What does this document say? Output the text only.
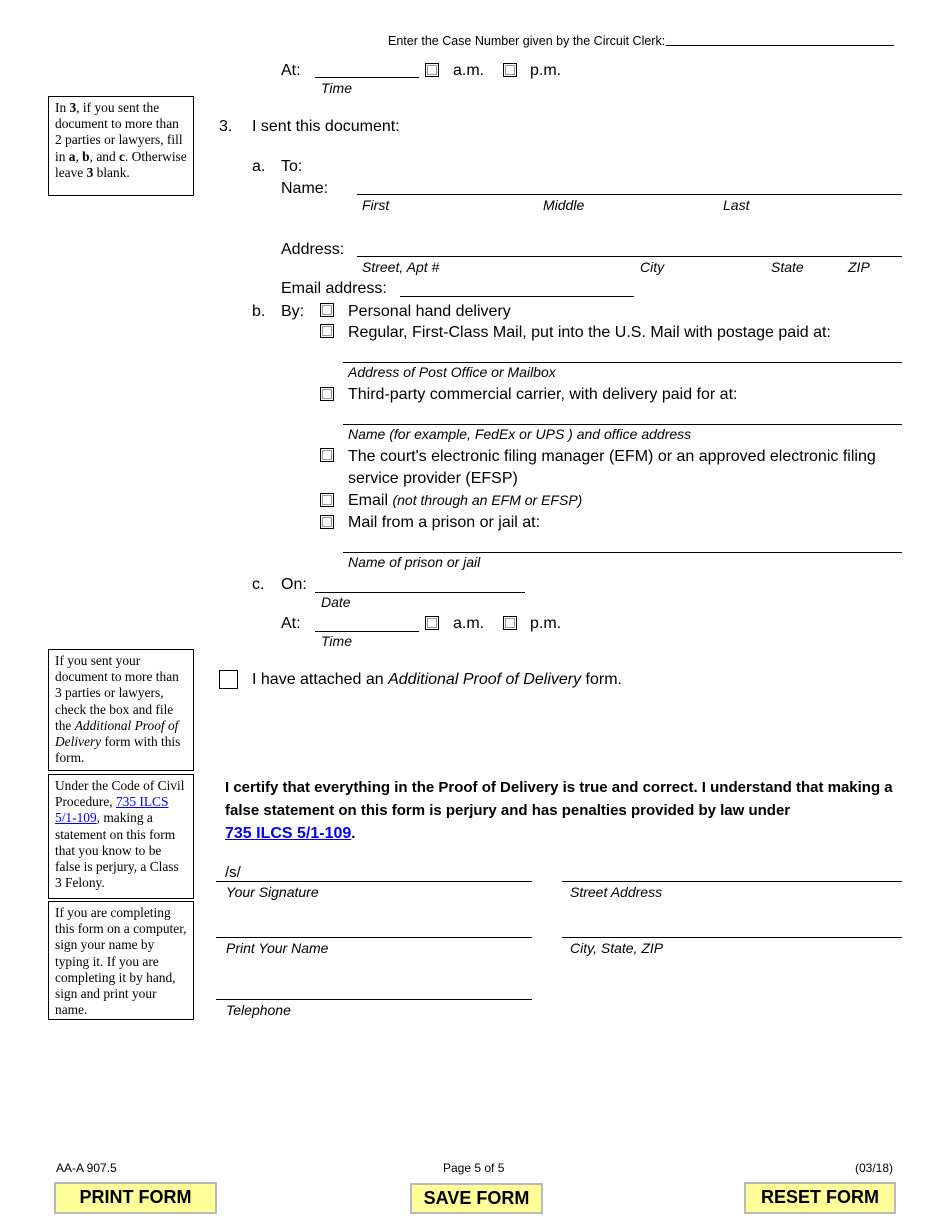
Enter the Case Number given by the Circuit Clerk:
At:
Time
a.m.	p.m.
In 3, if you sent the document to more than 2 parties or lawyers, fill in a, b, and c. Otherwise leave 3 blank.
3. I sent this document:
a. To:
Name:
First	Middle	Last
Address:
Street, Apt #	City	State	ZIP
Email address:
b. By:	Personal hand delivery
Regular, First-Class Mail, put into the U.S. Mail with postage paid at:
Address of Post Office or Mailbox
Third-party commercial carrier, with delivery paid for at:
Name (for example, FedEx or UPS ) and office address
The court's electronic filing manager (EFM) or an approved electronic filing service provider (EFSP)
Email (not through an EFM or EFSP)
Mail from a prison or jail at:
Name of prison or jail
c. On:
Date
At:
Time
a.m.	p.m.
If you sent your document to more than 3 parties or lawyers, check the box and file the Additional Proof of Delivery form with this form.
I have attached an Additional Proof of Delivery form.
Under the Code of Civil Procedure, 735 ILCS 5/1-109, making a statement on this form that you know to be false is perjury, a Class 3 Felony.
If you are completing this form on a computer, sign your name by typing it. If you are completing it by hand, sign and print your name.
I certify that everything in the Proof of Delivery is true and correct. I understand that making a false statement on this form is perjury and has penalties provided by law under
735 ILCS 5/1-109.
/s/
Your Signature	Street Address
Print Your Name	City, State, ZIP
Telephone
AA-A 907.5	Page 5 of 5	(03/18)
PRINT FORM	SAVE FORM	RESET FORM
